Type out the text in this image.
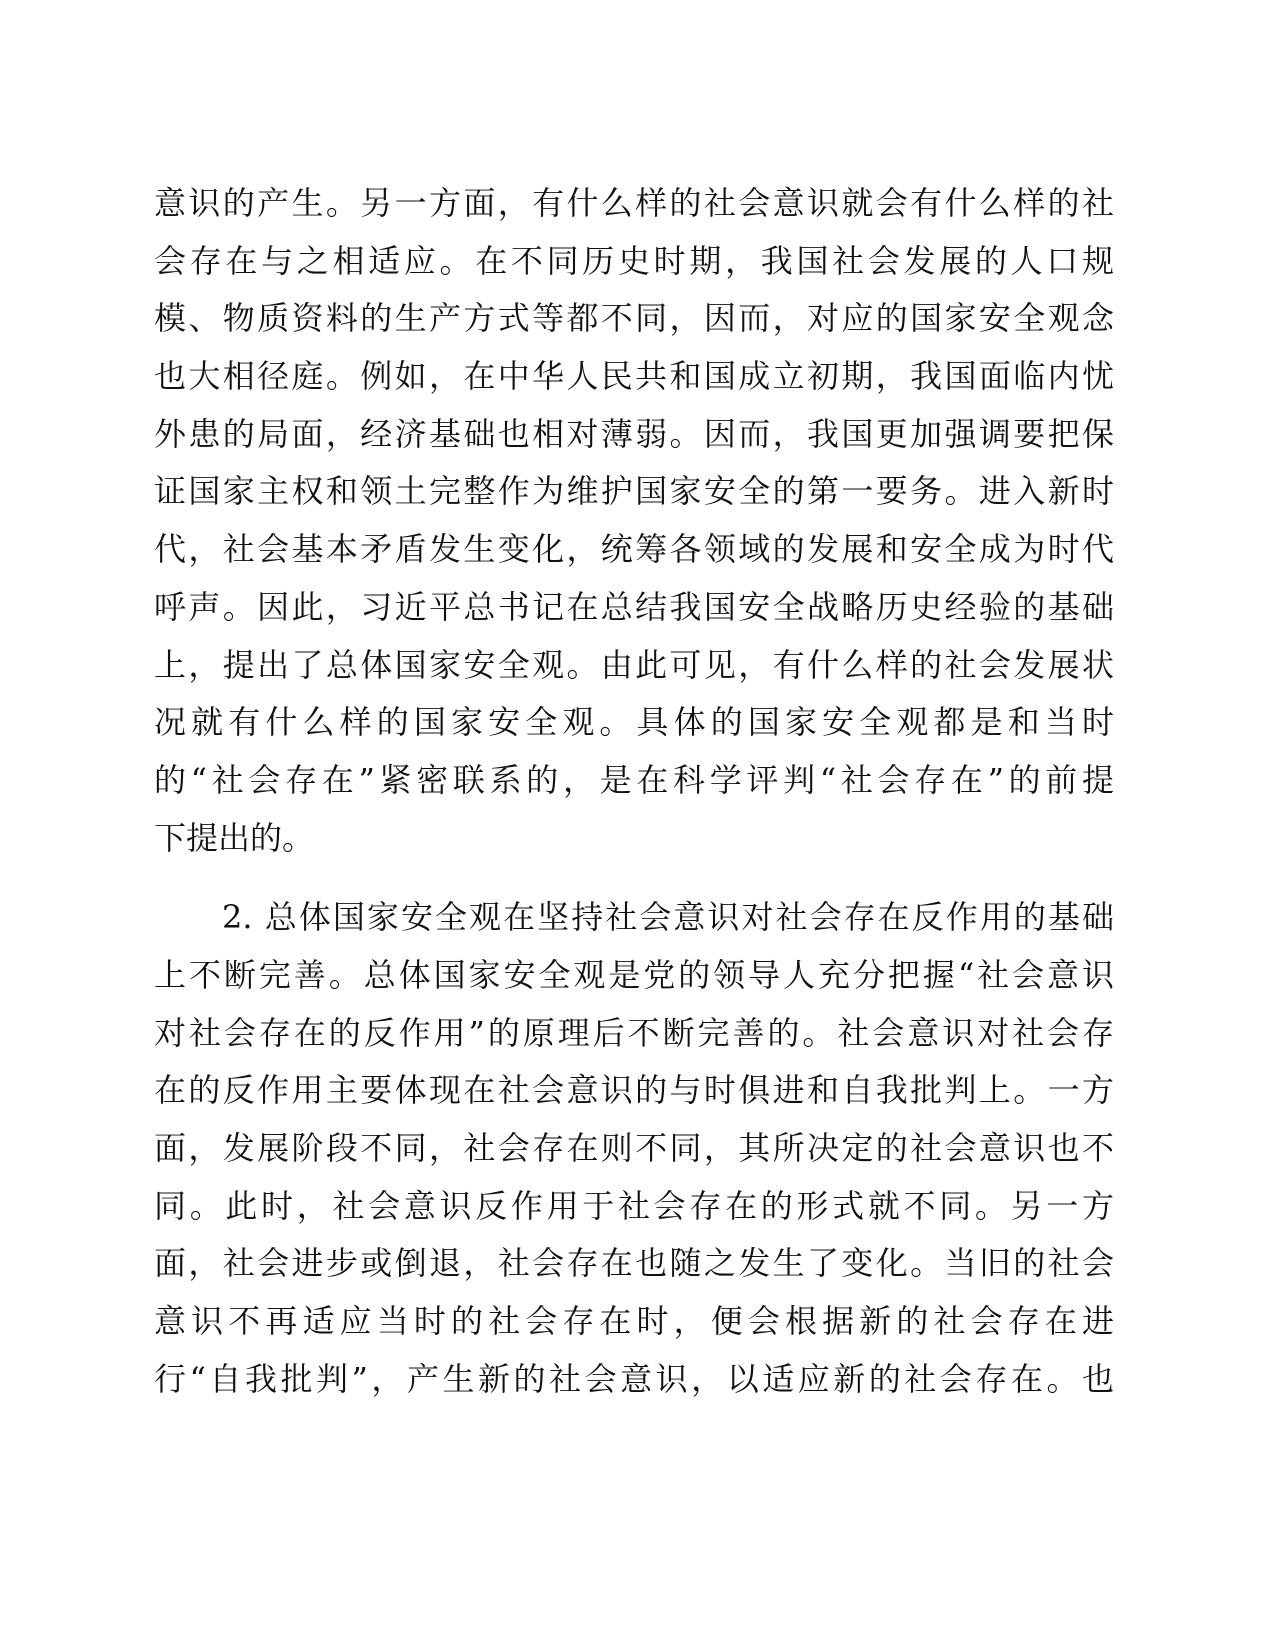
意识的产生。另一方面，有什么样的社会意识就会有什么样的社
会存在与之相适应。在不同历史时期，我国社会发展的人口规
模、物质资料的生产方式等都不同，因而，对应的国家安全观念
也大相径庭。例如，在中华人民共和国成立初期，我国面临内忧
外患的局面，经济基础也相对薄弱。因而，我国更加强调要把保
证国家主权和领土完整作为维护国家安全的第一要务。进入新时
代，社会基本矛盾发生变化，统筹各领域的发展和安全成为时代
呼声。因此，习近平总书记在总结我国安全战略历史经验的基础
上，提出了总体国家安全观。由此可见，有什么样的社会发展状
况就有什么样的国家安全观。具体的国家安全观都是和当时
的“社会存在”紧密联系的，是在科学评判“社会存在”的前提
下提出的。
2. 总体国家安全观在坚持社会意识对社会存在反作用的基础
上不断完善。总体国家安全观是党的领导人充分把握“社会意识
对社会存在的反作用”的原理后不断完善的。社会意识对社会存
在的反作用主要体现在社会意识的与时俱进和自我批判上。一方
面，发展阶段不同，社会存在则不同，其所决定的社会意识也不
同。此时，社会意识反作用于社会存在的形式就不同。另一方
面，社会进步或倒退，社会存在也随之发生了变化。当旧的社会
意识不再适应当时的社会存在时，便会根据新的社会存在进
行“自我批判”，产生新的社会意识，以适应新的社会存在。也
